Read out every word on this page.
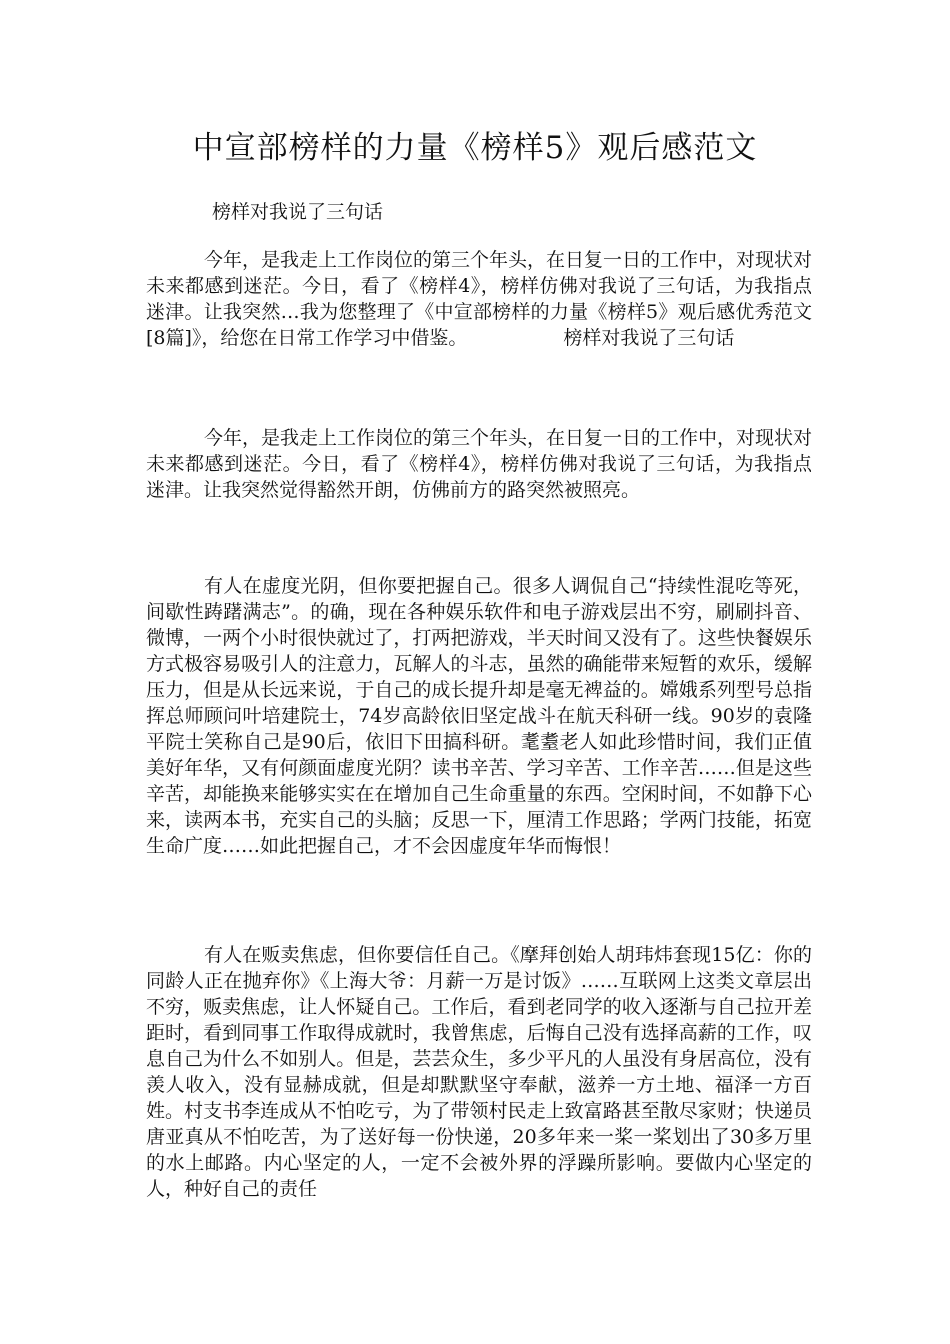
中宣部榜样的力量《榜样5》观后感范文

榜样对我说了三句话

今年，是我走上工作岗位的第三个年头，在日复一日的工作中，对现状对未来都感到迷茫。今日，看了《榜样4》，榜样仿佛对我说了三句话，为我指点迷津。让我突然…我为您整理了《中宣部榜样的力量《榜样5》观后感优秀范文[8篇]》，给您在日常工作学习中借鉴。	榜样对我说了三句话

今年，是我走上工作岗位的第三个年头，在日复一日的工作中，对现状对未来都感到迷茫。今日，看了《榜样4》，榜样仿佛对我说了三句话，为我指点迷津。让我突然觉得豁然开朗，仿佛前方的路突然被照亮。

有人在虚度光阴，但你要把握自己。很多人调侃自己“持续性混吃等死，间歇性踌躇满志”。的确，现在各种娱乐软件和电子游戏层出不穷，刷刷抖音、微博，一两个小时很快就过了，打两把游戏，半天时间又没有了。这些快餐娱乐方式极容易吸引人的注意力，瓦解人的斗志，虽然的确能带来短暂的欢乐，缓解压力，但是从长远来说，于自己的成长提升却是毫无裨益的。嫦娥系列型号总指挥总师顾问叶培建院士，74岁高龄依旧坚定战斗在航天科研一线。90岁的袁隆平院士笑称自己是90后，依旧下田搞科研。耄耋老人如此珍惜时间，我们正值美好年华，又有何颜面虚度光阴？读书辛苦、学习辛苦、工作辛苦……但是这些辛苦，却能换来能够实实在在增加自己生命重量的东西。空闲时间，不如静下心来，读两本书，充实自己的头脑；反思一下，厘清工作思路；学两门技能，拓宽生命广度……如此把握自己，才不会因虚度年华而悔恨！

有人在贩卖焦虑，但你要信任自己。《摩拜创始人胡玮炜套现15亿：你的同龄人正在抛弃你》《上海大爷：月薪一万是讨饭》……互联网上这类文章层出不穷，贩卖焦虑，让人怀疑自己。工作后，看到老同学的收入逐渐与自己拉开差距时，看到同事工作取得成就时，我曾焦虑，后悔自己没有选择高薪的工作，叹息自己为什么不如别人。但是，芸芸众生，多少平凡的人虽没有身居高位，没有羡人收入，没有显赫成就，但是却默默坚守奉献，滋养一方土地、福泽一方百姓。村支书李连成从不怕吃亏，为了带领村民走上致富路甚至散尽家财；快递员唐亚真从不怕吃苦，为了送好每一份快递，20多年来一桨一桨划出了30多万里的水上邮路。内心坚定的人，一定不会被外界的浮躁所影响。要做内心坚定的人，种好自己的责任
